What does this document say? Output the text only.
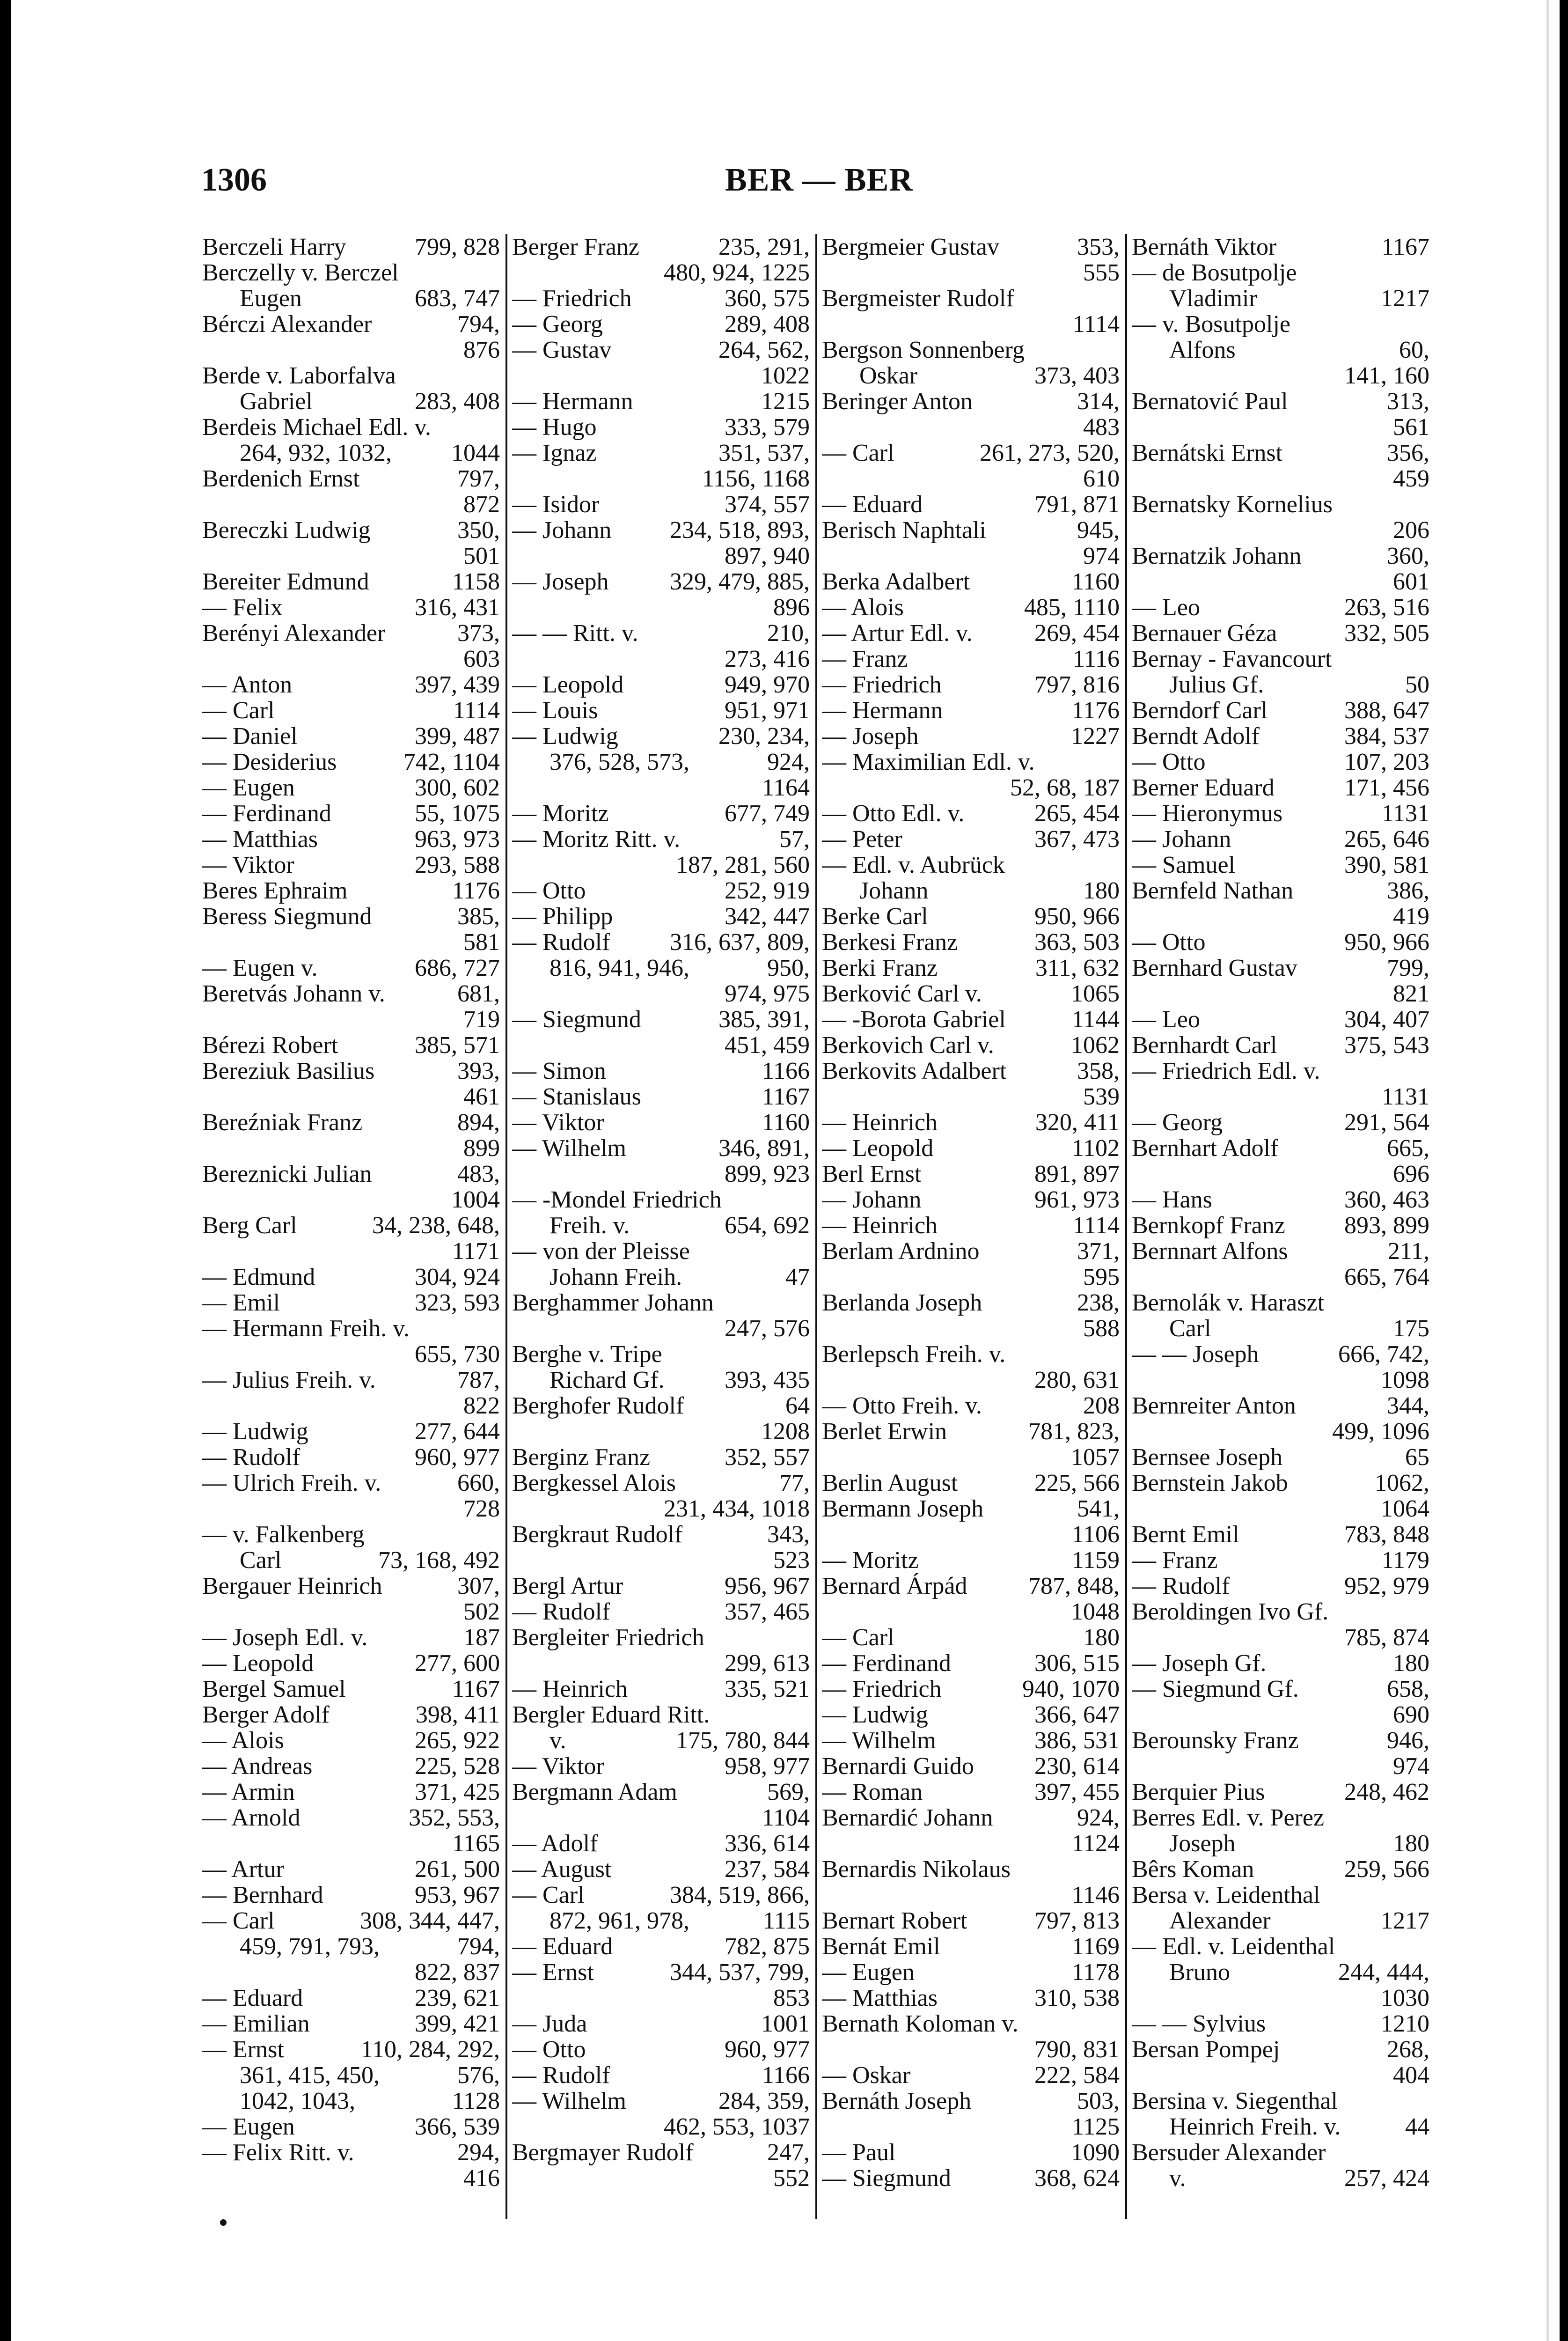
BER — BER
1306
Berczeli Harry	799, 828
Berczelly v. Berczel
Eugen	683, 747
Bérczi Alexander	794,
876
Berde v. Laborfalva
Gabriel	283, 408
Berdeis Michael Edl. v.
264, 932, 1032, 1044
Berdenich Ernst	797,
872
Bereczki Ludwig	350,
501
Bereiter Edmund	1158
— Felix	316, 431
Berényi Alexander	373,
603
— Anton	397, 439
— Carl	1114
— Daniel	399, 487
— Desiderius	742, 1104
— Eugen	300, 602
— Ferdinand	55, 1075
— Matthias	963, 973
— Viktor	293, 588
Beres Ephraim	1176
Beress Siegmund	385,
581
— Eugen v.	686, 727
Beretvás Johann v.	681,
719
Bérezi Robert	385, 571
Bereziuk Basilius	393,
461
Bereźniak Franz	894,
899
Bereznicki Julian	483,
1004
Berg Carl	34, 238, 648,
1171
— Edmund	304, 924
— Emil	323, 593
— Hermann Freih. v.
655, 730
— Julius Freih. v.	787,
822
— Ludwig	277, 644
— Rudolf	960, 977
— Ulrich Freih. v.	660,
728
— v. Falkenberg
Carl	73, 168, 492
Bergauer Heinrich	307,
502
— Joseph Edl. v.	187
— Leopold	277, 600
Bergel Samuel	1167
Berger Adolf	398, 411
— Alois	265, 922
— Andreas	225, 528
— Armin	371, 425
— Arnold	352, 553,
1165
— Artur	261, 500
— Bernhard	953, 967
— Carl	308, 344, 447,
459, 791, 793,	794,
822, 837
— Eduard	239, 621
— Emilian	399, 421
— Ernst	110, 284, 292,
361, 415, 450,	576,
1042, 1043,	1128
— Eugen	366, 539
— Felix Ritt. v.	294,
416
Berger Franz	235, 291,
480, 924, 1225
— Friedrich	360, 575
— Georg	289, 408
— Gustav	264, 562,
1022
— Hermann	1215
— Hugo	333, 579
— Ignaz	351, 537,
1156, 1168
— Isidor	374, 557
— Johann 234, 518, 893,
897, 940
— Joseph	329, 479, 885,
896
— — Ritt. v.	210,
273, 416
— Leopold	949, 970
— Louis	951, 971
— Ludwig	230, 234,
376, 528, 573,	924,
1164
— Moritz	677, 749
— Moritz Ritt. v.	57,
187, 281, 560
— Otto	252, 919
— Philipp	342, 447
— Rudolf 316, 637, 809,
816, 941, 946,	950,
974, 975
— Siegmund	385, 391,
451, 459
— Simon	1166
— Stanislaus	1167
— Viktor	1160
— Wilhelm	346, 891,
899, 923
— -Mondel Friedrich
Freih. v.	654, 692
— von der Pleisse
Johann Freih.	47
Berghammer Johann
247, 576
Berghe v. Tripe
Richard Gf. 393, 435
Berghofer Rudolf	64
1208
Berginz Franz	352, 557
Bergkessel Alois	77,
231, 434, 1018
Bergkraut Rudolf	343,
523
Bergl Artur	956, 967
— Rudolf	357, 465
Bergleiter Friedrich
299, 613
— Heinrich	335, 521
Bergler Eduard Ritt.
v.	175, 780, 844
— Viktor	958, 977
Bergmann Adam	569,
1104
— Adolf	336, 614
— August	237, 584
— Carl	384, 519, 866,
872, 961, 978,	1115
— Eduard	782, 875
— Ernst	344, 537, 799,
853
— Juda	1001
— Otto	960, 977
— Rudolf	1166
— Wilhelm	284, 359,
462, 553, 1037
Bergmayer Rudolf	247,
552
Bergmeier Gustav	353,
555
Bergmeister Rudolf
1114
Bergson Sonnenberg
Oskar	373, 403
Beringer Anton	314,
483
— Carl	261, 273, 520,
610
— Eduard	791, 871
Berisch Naphtali	945,
974
Berka Adalbert	1160
— Alois	485, 1110
— Artur Edl. v.	269, 454
— Franz	1116
— Friedrich	797, 816
— Hermann	1176
— Joseph	1227
— Maximilian Edl. v.
52, 68, 187
— Otto Edl. v.	265, 454
— Peter	367, 473
— Edl. v. Aubrück
Johann	180
Berke Carl	950, 966
Berkesi Franz	363, 503
Berki Franz	311, 632
Berković Carl v.	1065
— -Borota Gabriel	1144
Berkovich Carl v.	1062
Berkovits Adalbert	358,
539
— Heinrich	320, 411
— Leopold	1102
Berl Ernst	891, 897
— Johann	961, 973
— Heinrich	1114
Berlam Ardnino	371,
595
Berlanda Joseph	238,
588
Berlepsch Freih. v.
280, 631
— Otto Freih. v.	208
Berlet Erwin	781, 823,
1057
Berlin August	225, 566
Bermann Joseph	541,
1106
— Moritz	1159
Bernard Árpád	787, 848,
1048
— Carl	180
— Ferdinand	306, 515
— Friedrich	940, 1070
— Ludwig	366, 647
— Wilhelm	386, 531
Bernardi Guido 230, 614
— Roman	397, 455
Bernardić Johann	924,
1124
Bernardis Nikolaus
1146
Bernart Robert	797, 813
Bernát Emil	1169
— Eugen	1178
— Matthias	310, 538
Bernath Koloman v.
790, 831
— Oskar	222, 584
Bernáth Joseph	503,
1125
— Paul	1090
— Siegmund	368, 624
Bernáth Viktor	1167
— de Bosutpolje
Vladimir	1217
— v. Bosutpolje
Alfons	60,
141, 160
Bernatović Paul	313,
561
Bernátski Ernst	356,
459
Bernatsky Kornelius
206
Bernatzik Johann	360,
601
— Leo	263, 516
Bernauer Géza	332, 505
Bernay - Favancourt
Julius Gf.	50
Berndorf Carl	388, 647
Berndt Adolf	384, 537
— Otto	107, 203
Berner Eduard	171, 456
— Hieronymus	1131
— Johann	265, 646
— Samuel	390, 581
Bernfeld Nathan	386,
419
— Otto	950, 966
Bernhard Gustav	799,
821
— Leo	304, 407
Bernhardt Carl	375, 543
— Friedrich Edl. v.
1131
— Georg	291, 564
Bernhart Adolf	665,
696
— Hans	360, 463
Bernkopf Franz 893, 899
Bernnart Alfons	211,
665, 764
Bernolák v. Haraszt
Carl	175
— — Joseph	666, 742,
1098
Bernreiter Anton	344,
499, 1096
Bernsee Joseph	65
Bernstein Jakob	1062,
1064
Bernt Emil	783, 848
— Franz	1179
— Rudolf	952, 979
Beroldingen Ivo Gf.
785, 874
— Joseph Gf.	180
— Siegmund Gf.	658,
690
Berounsky Franz	946,
974
Berquier Pius	248, 462
Berres Edl. v. Perez
Joseph	180
Bêrs Koman	259, 566
Bersa v. Leidenthal
Alexander	1217
— Edl. v. Leidenthal
Bruno	244, 444,
1030
— — Sylvius	1210
Bersan Pompej	268,
404
Bersina v. Siegenthal
Heinrich Freih. v.	44
Bersuder Alexander
v.	257, 424
